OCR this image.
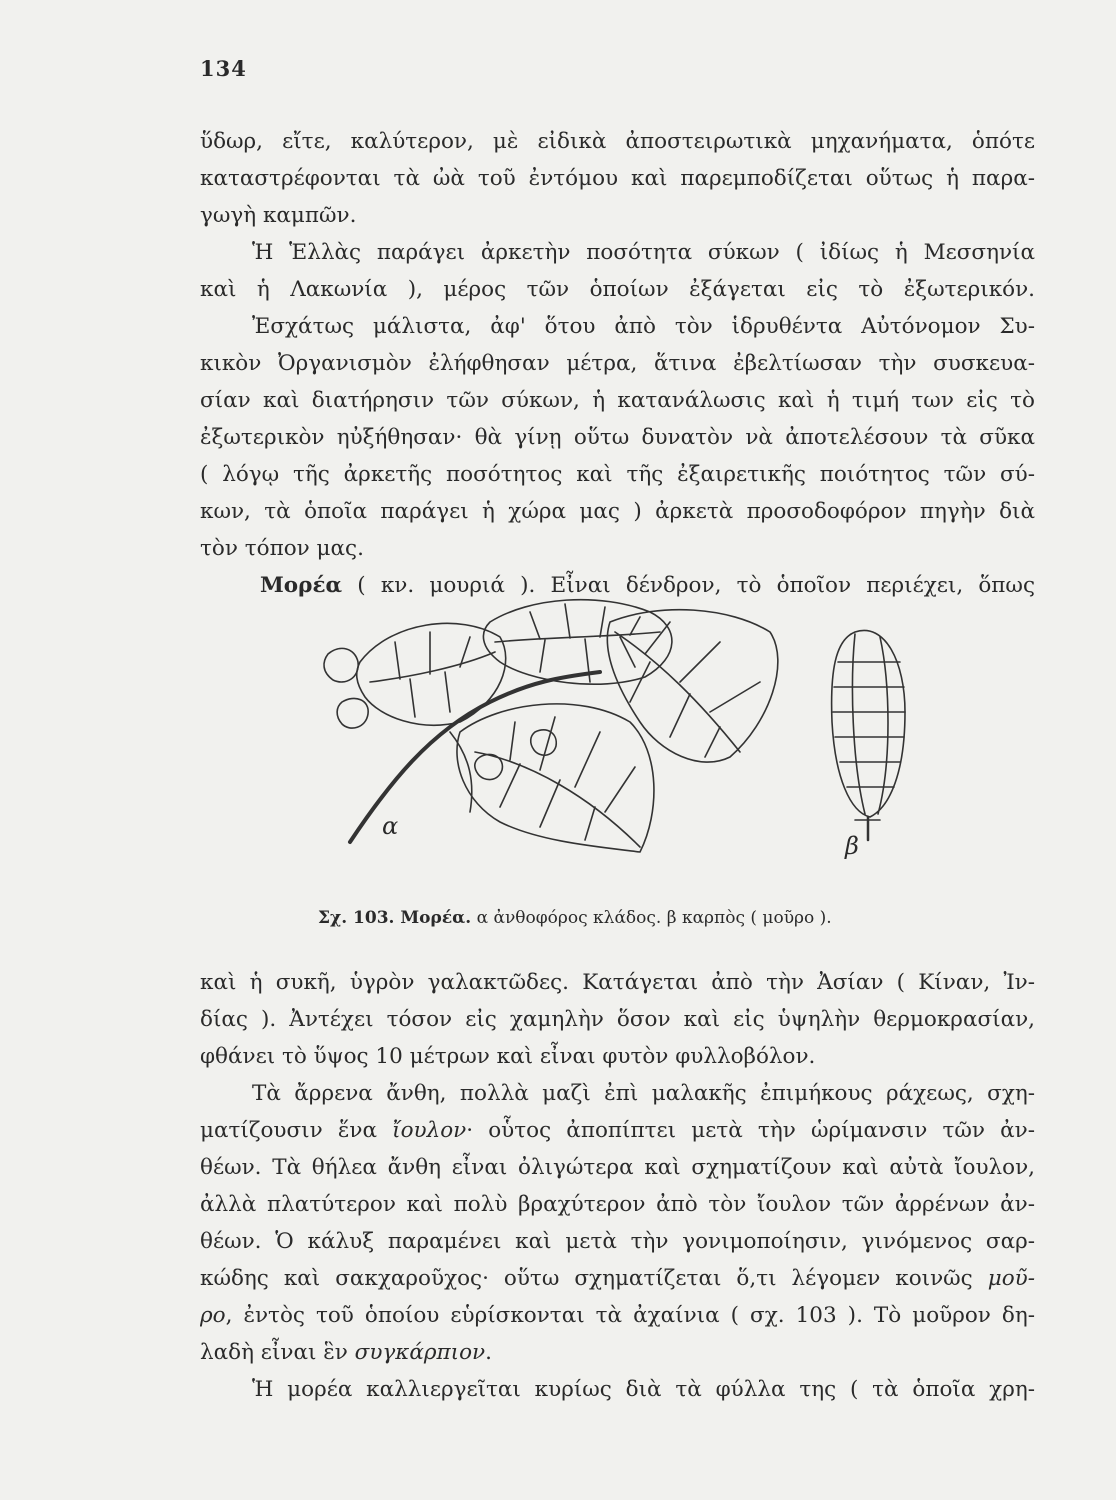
134
ὕδωρ, εἴτε, καλύτερον, μὲ εἰδικὰ ἀποστειρωτικὰ μηχανήματα, ὁπότε
καταστρέφονται τὰ ὠὰ τοῦ ἐντόμου καὶ παρεμποδίζεται οὕτως ἡ παρα-
γωγὴ καμπῶν.
Ἡ Ἑλλὰς παράγει ἀρκετὴν ποσότητα σύκων ( ἰδίως ἡ Μεσσηνία
καὶ ἡ Λακωνία ), μέρος τῶν ὁποίων ἐξάγεται εἰς τὸ ἐξωτερικόν.
Ἐσχάτως μάλιστα, ἀφ' ὅτου ἀπὸ τὸν ἱδρυθέντα Αὐτόνομον Συ-
κικὸν Ὀργανισμὸν ἐλήφθησαν μέτρα, ἅτινα ἐβελτίωσαν τὴν συσκευα-
σίαν καὶ διατήρησιν τῶν σύκων, ἡ κατανάλωσις καὶ ἡ τιμή των εἰς τὸ
ἐξωτερικὸν ηὐξήθησαν· θὰ γίνῃ οὕτω δυνατὸν νὰ ἀποτελέσουν τὰ σῦκα
( λόγῳ τῆς ἀρκετῆς ποσότητος καὶ τῆς ἐξαιρετικῆς ποιότητος τῶν σύ-
κων, τὰ ὁποῖα παράγει ἡ χώρα μας ) ἀρκετὰ προσοδοφόρον πηγὴν διὰ
τὸν τόπον μας.
Μορέα ( κν. μουριά ). Εἶναι δένδρον, τὸ ὁποῖον περιέχει, ὅπως
α
β
Σχ. 103. Μορέα. α ἀνθοφόρος κλάδος. β καρπὸς ( μοῦρο ).
καὶ ἡ συκῆ, ὑγρὸν γαλακτῶδες. Κατάγεται ἀπὸ τὴν Ἀσίαν ( Κίναν, Ἰν-
δίας ). Ἀντέχει τόσον εἰς χαμηλὴν ὅσον καὶ εἰς ὑψηλὴν θερμοκρασίαν,
φθάνει τὸ ὕψος 10 μέτρων καὶ εἶναι φυτὸν φυλλοβόλον.
Τὰ ἄρρενα ἄνθη, πολλὰ μαζὶ ἐπὶ μαλακῆς ἐπιμήκους ράχεως, σχη-
ματίζουσιν ἕνα ἴουλον· οὗτος ἀποπίπτει μετὰ τὴν ὡρίμανσιν τῶν ἀν-
θέων. Τὰ θήλεα ἄνθη εἶναι ὀλιγώτερα καὶ σχηματίζουν καὶ αὐτὰ ἴουλον,
ἀλλὰ πλατύτερον καὶ πολὺ βραχύτερον ἀπὸ τὸν ἴουλον τῶν ἀρρένων ἀν-
θέων. Ὁ κάλυξ παραμένει καὶ μετὰ τὴν γονιμοποίησιν, γινόμενος σαρ-
κώδης καὶ σακχαροῦχος· οὕτω σχηματίζεται ὅ,τι λέγομεν κοινῶς μοῦ-
ρο, ἐντὸς τοῦ ὁποίου εὑρίσκονται τὰ ἀχαίνια ( σχ. 103 ). Τὸ μοῦρον δη-
λαδὴ εἶναι ἓν συγκάρπιον.
Ἡ μορέα καλλιεργεῖται κυρίως διὰ τὰ φύλλα της ( τὰ ὁποῖα χρη-
